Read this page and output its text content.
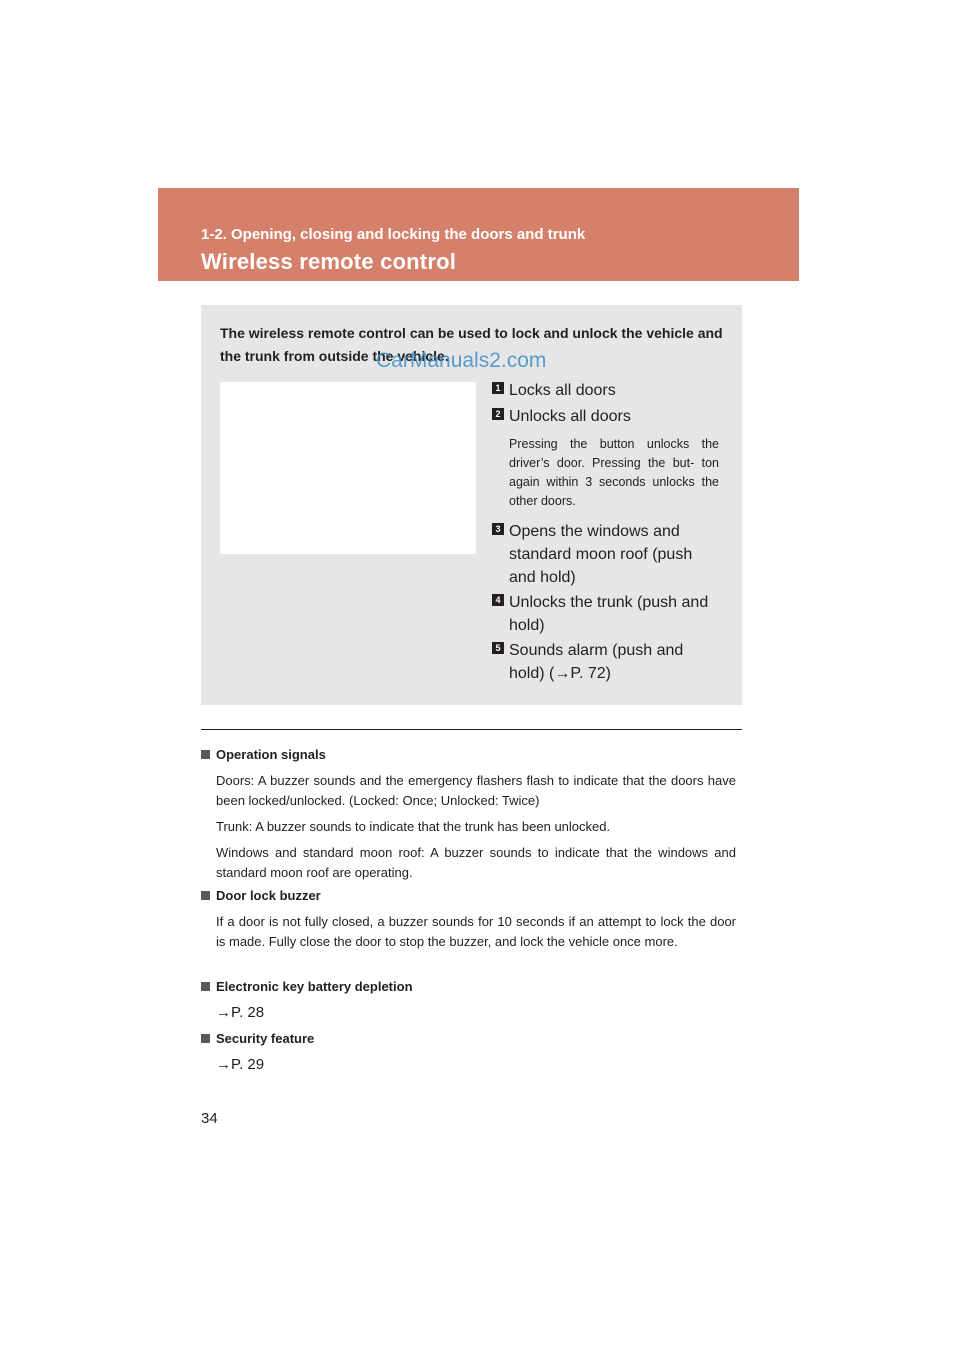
1-2. Opening, closing and locking the doors and trunk
Wireless remote control
The wireless remote control can be used to lock and unlock the vehicle and the trunk from outside the vehicle.
CarManuals2.com
1 Locks all doors
2 Unlocks all doors
Pressing the button unlocks the driver’s door. Pressing the but- ton again within 3 seconds unlocks the other doors.
3 Opens the windows and standard moon roof (push and hold)
4 Unlocks the trunk (push and hold)
5 Sounds alarm (push and hold) (→P. 72)
Operation signals
Doors: A buzzer sounds and the emergency flashers flash to indicate that the doors have been locked/unlocked. (Locked: Once; Unlocked: Twice)
Trunk: A buzzer sounds to indicate that the trunk has been unlocked.
Windows and standard moon roof: A buzzer sounds to indicate that the windows and standard moon roof are operating.
Door lock buzzer
If a door is not fully closed, a buzzer sounds for 10 seconds if an attempt to lock the door is made. Fully close the door to stop the buzzer, and lock the vehicle once more.
Electronic key battery depletion
→P. 28
Security feature
→P. 29
34
